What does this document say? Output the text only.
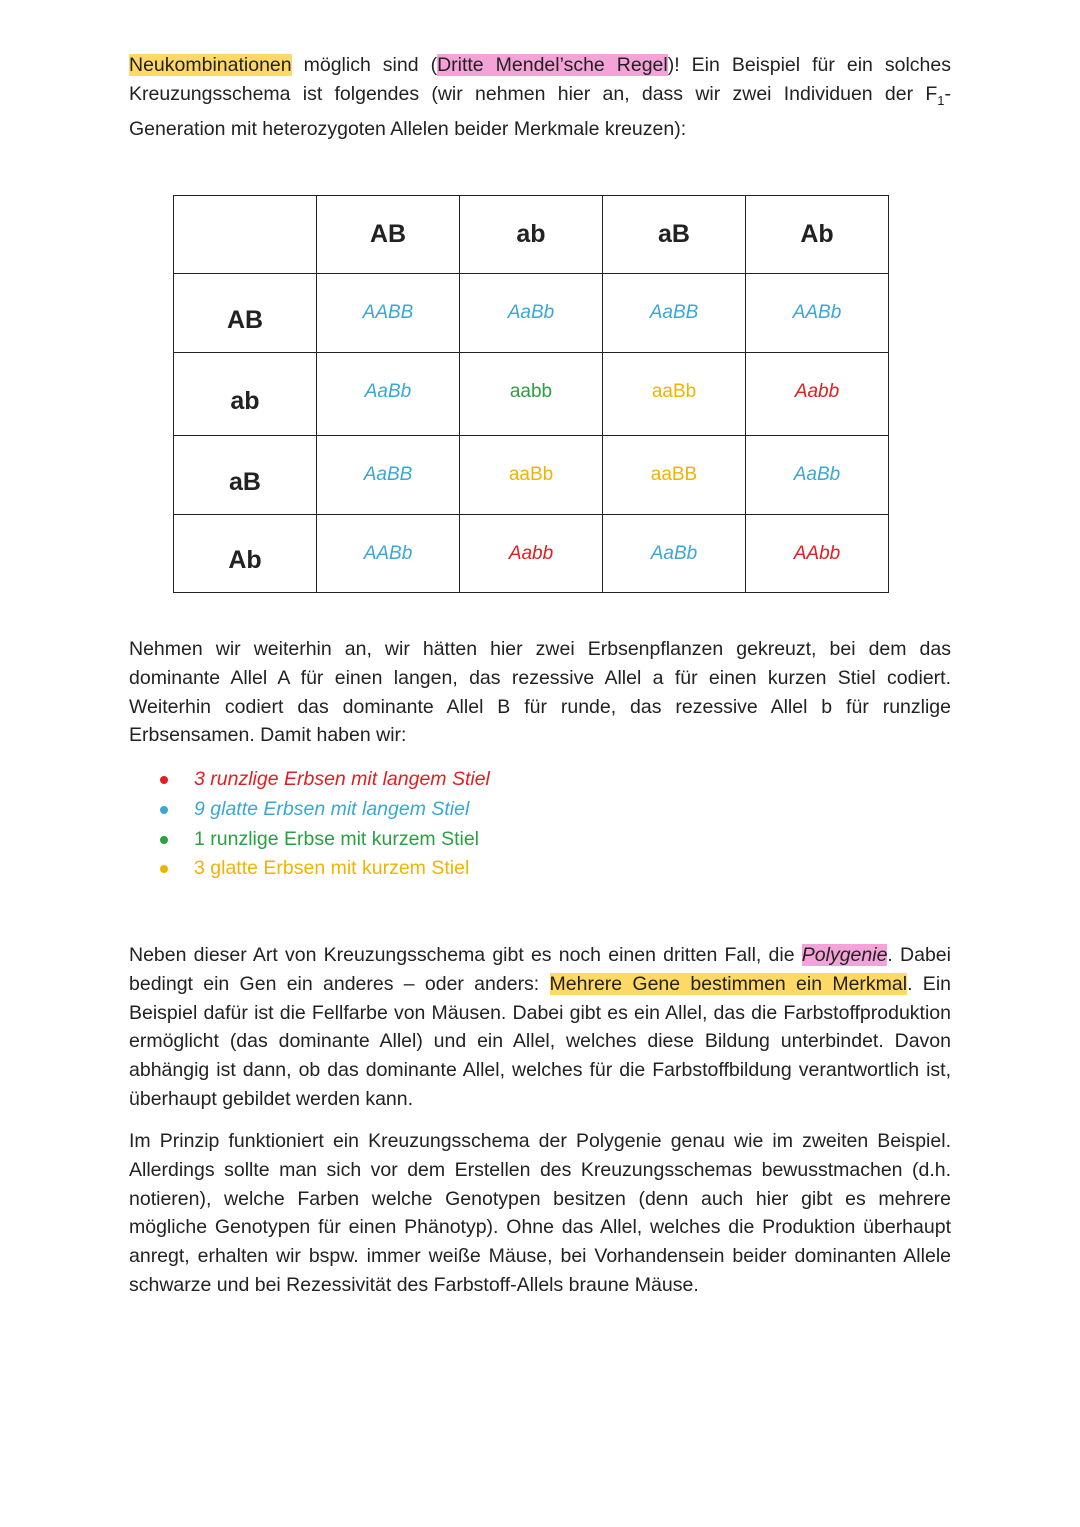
Neukombinationen möglich sind (Dritte Mendel’sche Regel)! Ein Beispiel für ein solches Kreuzungsschema ist folgendes (wir nehmen hier an, dass wir zwei Individuen der $F_1$-Generation mit heterozygoten Allelen beider Merkmale kreuzen):

	AB	ab	aB	Ab
AB	AABB	AaBb	AaBB	AABb
ab	AaBb	aabb	aaBb	Aabb
aB	AaBB	aaBb	aaBB	AaBb
Ab	AABb	Aabb	AaBb	AAbb

Nehmen wir weiterhin an, wir hätten hier zwei Erbsenpflanzen gekreuzt, bei dem das dominante Allel A für einen langen, das rezessive Allel a für einen kurzen Stiel codiert. Weiterhin codiert das dominante Allel B für runde, das rezessive Allel b für runzlige Erbsensamen. Damit haben wir:

3 runzlige Erbsen mit langem Stiel
9 glatte Erbsen mit langem Stiel
1 runzlige Erbse mit kurzem Stiel
3 glatte Erbsen mit kurzem Stiel

Neben dieser Art von Kreuzungsschema gibt es noch einen dritten Fall, die Polygenie. Dabei bedingt ein Gen ein anderes – oder anders: Mehrere Gene bestimmen ein Merkmal. Ein Beispiel dafür ist die Fellfarbe von Mäusen. Dabei gibt es ein Allel, das die Farbstoffproduktion ermöglicht (das dominante Allel) und ein Allel, welches diese Bildung unterbindet. Davon abhängig ist dann, ob das dominante Allel, welches für die Farbstoffbildung verantwortlich ist, überhaupt gebildet werden kann.

Im Prinzip funktioniert ein Kreuzungsschema der Polygenie genau wie im zweiten Beispiel. Allerdings sollte man sich vor dem Erstellen des Kreuzungsschemas bewusstmachen (d.h. notieren), welche Farben welche Genotypen besitzen (denn auch hier gibt es mehrere mögliche Genotypen für einen Phänotyp). Ohne das Allel, welches die Produktion überhaupt anregt, erhalten wir bspw. immer weiße Mäuse, bei Vorhandensein beider dominanten Allele schwarze und bei Rezessivität des Farbstoff-Allels braune Mäuse.
